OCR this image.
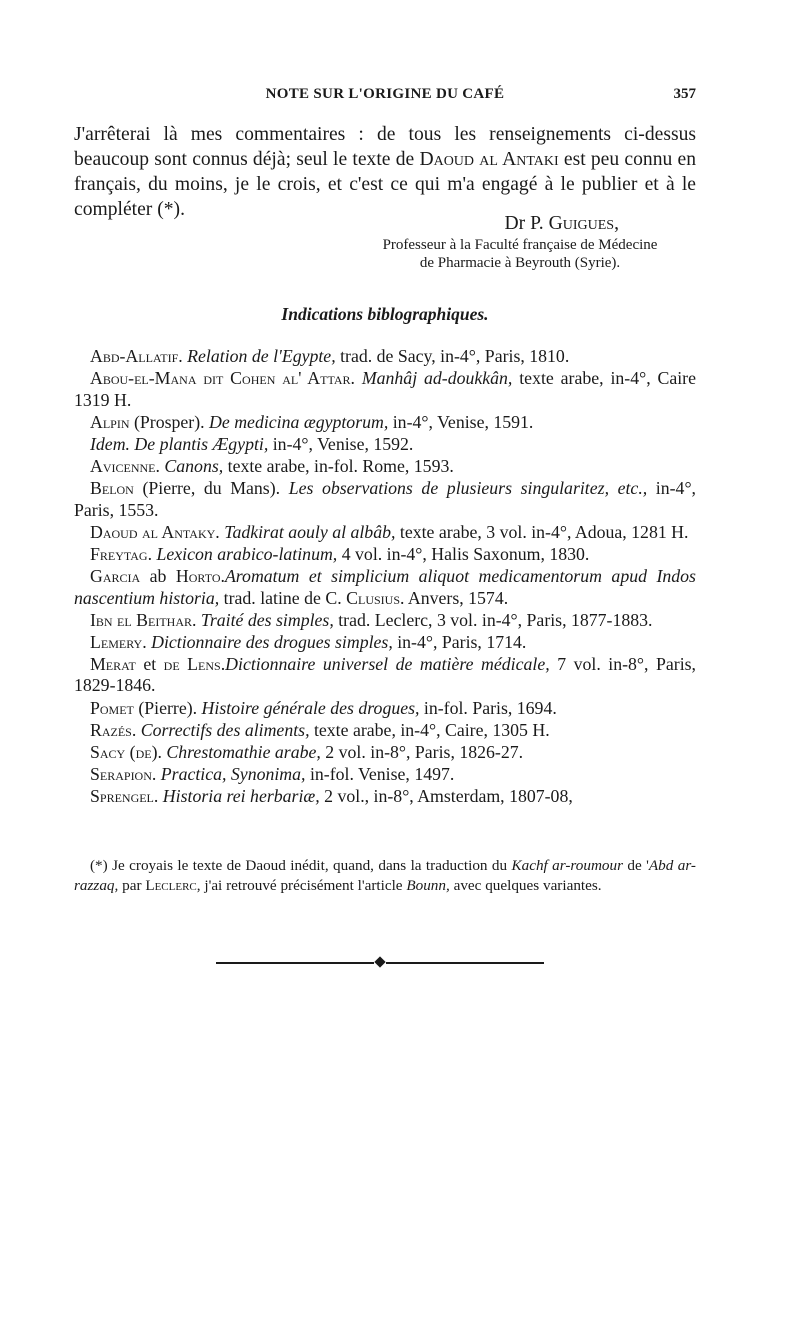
NOTE SUR L'ORIGINE DU CAFÉ	357
J'arrêterai là mes commentaires : de tous les renseignements ci-dessus beaucoup sont connus déjà; seul le texte de Daoud al Antaki est peu connu en français, du moins, je le crois, et c'est ce qui m'a engagé à le publier et à le compléter (*).
Dr P. Guigues,
Professeur à la Faculté française de Médecine
de Pharmacie à Beyrouth (Syrie).
Indications biblographiques.
Abd-Allatif. Relation de l'Egypte, trad. de Sacy, in-4°, Paris, 1810.
Abou-el-Mana dit Cohen al' Attar. Manhâj ad-doukkân, texte arabe, in-4°, Caire 1319 H.
Alpin (Prosper). De medicina ægyptorum, in-4°, Venise, 1591.
Idem. De plantis Ægypti, in-4°, Venise, 1592.
Avicenne. Canons, texte arabe, in-fol. Rome, 1593.
Belon (Pierre, du Mans). Les observations de plusieurs singularitez, etc., in-4°, Paris, 1553.
Daoud al Antaky. Tadkirat aouly al albâb, texte arabe, 3 vol. in-4°, Adoua, 1281 H.
Freytag. Lexicon arabico-latinum, 4 vol. in-4°, Halis Saxonum, 1830.
Garcia ab Horto.Aromatum et simplicium aliquot medicamentorum apud Indos nascentium historia, trad. latine de C. Clusius. Anvers, 1574.
Ibn el Beithar. Traité des simples, trad. Leclerc, 3 vol. in-4°, Paris, 1877-1883.
Lemery. Dictionnaire des drogues simples, in-4°, Paris, 1714.
Merat et de Lens.Dictionnaire universel de matière médicale, 7 vol. in-8°, Paris, 1829-1846.
Pomet (Pierre). Histoire générale des drogues, in-fol. Paris, 1694.
Razés. Correctifs des aliments, texte arabe, in-4°, Caire, 1305 H.
Sacy (de). Chrestomathie arabe, 2 vol. in-8°, Paris, 1826-27.
Serapion. Practica, Synonima, in-fol. Venise, 1497.
Sprengel. Historia rei herbariæ, 2 vol., in-8°, Amsterdam, 1807-08,
(*) Je croyais le texte de Daoud inédit, quand, dans la traduction du Kachf ar-roumour de 'Abd ar-razzaq, par Leclerc, j'ai retrouvé précisément l'article Bounn, avec quelques variantes.
